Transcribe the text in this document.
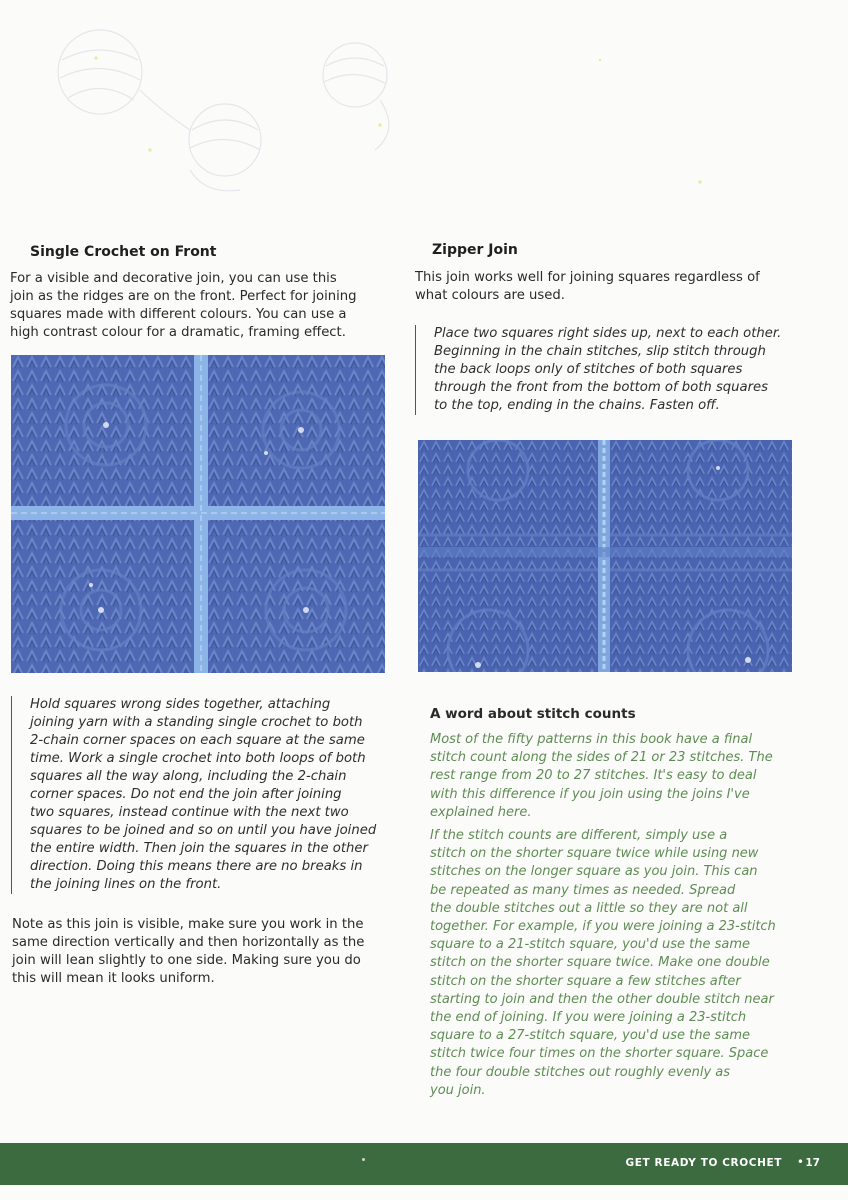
Single Crochet on Front
For a visible and decorative join, you can use this
join as the ridges are on the front. Perfect for joining
squares made with different colours. You can use a
high contrast colour for a dramatic, framing effect.
Hold squares wrong sides together, attaching
joining yarn with a standing single crochet to both
2-chain corner spaces on each square at the same
time. Work a single crochet into both loops of both
squares all the way along, including the 2-chain
corner spaces. Do not end the join after joining
two squares, instead continue with the next two
squares to be joined and so on until you have joined
the entire width. Then join the squares in the other
direction. Doing this means there are no breaks in
the joining lines on the front.
Note as this join is visible, make sure you work in the
same direction vertically and then horizontally as the
join will lean slightly to one side. Making sure you do
this will mean it looks uniform.
Zipper Join
This join works well for joining squares regardless of
what colours are used.
Place two squares right sides up, next to each other.
Beginning in the chain stitches, slip stitch through
the back loops only of stitches of both squares
through the front from the bottom of both squares
to the top, ending in the chains. Fasten off.
A word about stitch counts
Most of the fifty patterns in this book have a final
stitch count along the sides of 21 or 23 stitches. The
rest range from 20 to 27 stitches. It's easy to deal
with this difference if you join using the joins I've
explained here.
If the stitch counts are different, simply use a
stitch on the shorter square twice while using new
stitches on the longer square as you join. This can
be repeated as many times as needed. Spread
the double stitches out a little so they are not all
together. For example, if you were joining a 23-stitch
square to a 21-stitch square, you'd use the same
stitch on the shorter square twice. Make one double
stitch on the shorter square a few stitches after
starting to join and then the other double stitch near
the end of joining. If you were joining a 23-stitch
square to a 27-stitch square, you'd use the same
stitch twice four times on the shorter square. Space
the four double stitches out roughly evenly as
you join.
GET READY TO CROCHET • 17
